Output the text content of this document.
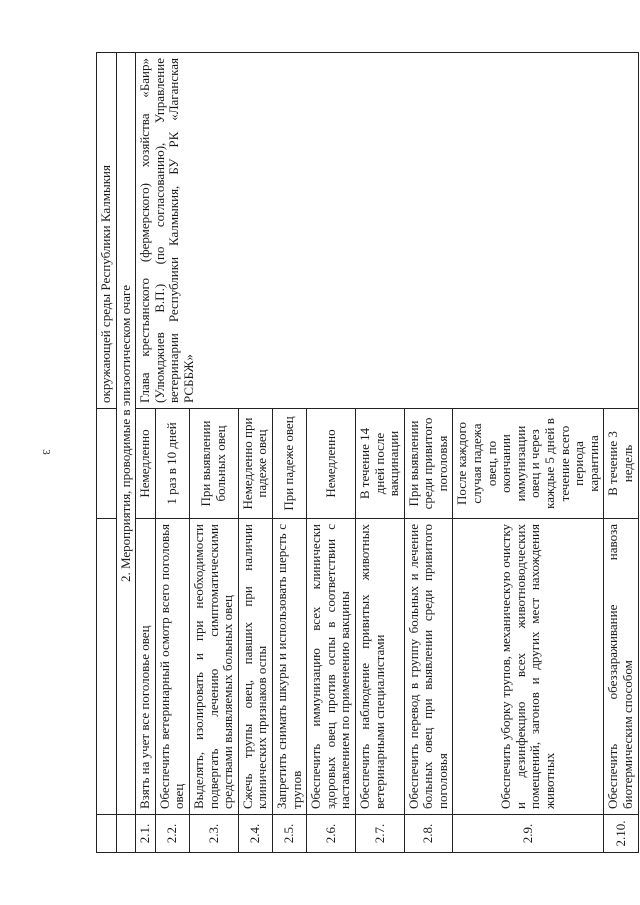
3
			окружающей среды Республики Калмыкия
	2. Мероприятия, проводимые в эпизоотическом очаге		
2.1.	Взять на учет все поголовье овец	Немедленно	Глава крестьянского (фермерского) хозяйства «Баир» (Улюмджиев В.П.) (по согласованию), Управление ветеринарии Республики Калмыкия, БУ РК «Лаганская РСББЖ»
2.2.	Обеспечить ветеринарный осмотр всего поголовья овец	1 раз в 10 дней	
2.3.	Выделять, изолировать и при необходимости подвергать лечению симптоматическими средствами выявляемых больных овец	При выявлении больных овец	
2.4.	Сжечь трупы овец, павших при наличии клинических признаков оспы	Немедленно при падеже овец	
2.5.	Запретить снимать шкуры и использовать шерсть с трупов	При падеже овец	
2.6.	Обеспечить иммунизацию всех клинически здоровых овец против оспы в соответствии с наставлением по применению вакцины	Немедленно	
2.7.	Обеспечить наблюдение привитых животных ветеринарными специалистами	В течение 14 дней после вакцинации	
2.8.	Обеспечить перевод в группу больных и лечение больных овец при выявлении среди привитого поголовья	При выявлении среди привитого поголовья	
2.9.	Обеспечить уборку трупов, механическую очистку и дезинфекцию всех животноводческих помещений, загонов и других мест нахождения животных	После каждого случая падежа овец, по окончании иммунизации овец и через каждые 5 дней в течение всего периода карантина	
2.10.	Обеспечить обеззараживание навоза биотермическим способом	В течение 3 недель	
